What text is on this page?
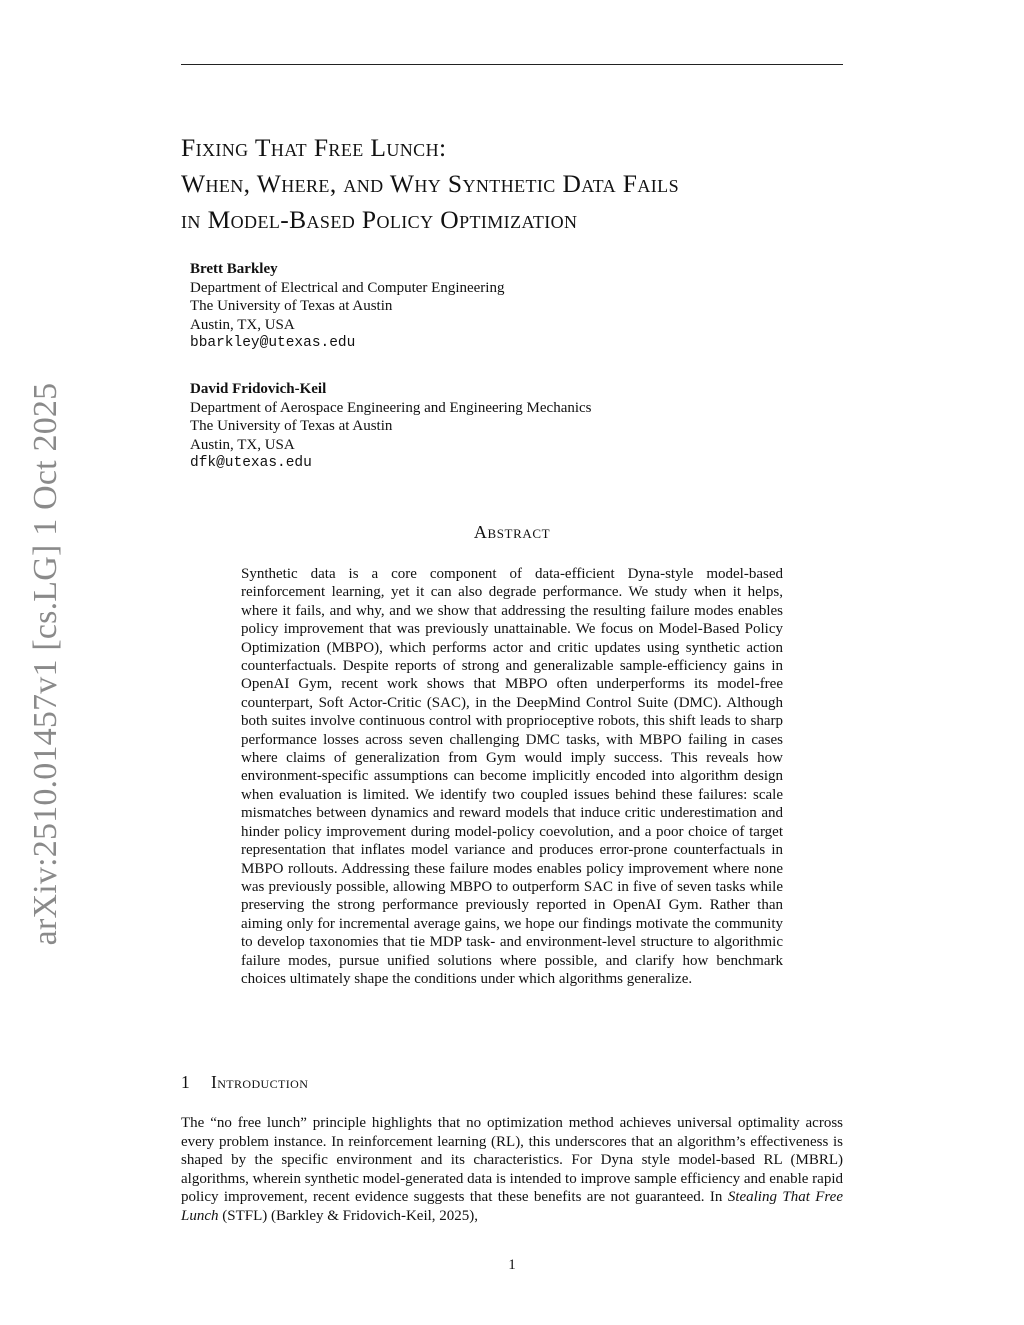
arXiv:2510.01457v1 [cs.LG] 1 Oct 2025
Fixing That Free Lunch:
When, Where, and Why Synthetic Data Fails
in Model-Based Policy Optimization
Brett Barkley
Department of Electrical and Computer Engineering
The University of Texas at Austin
Austin, TX, USA
bbarkley@utexas.edu
David Fridovich-Keil
Department of Aerospace Engineering and Engineering Mechanics
The University of Texas at Austin
Austin, TX, USA
dfk@utexas.edu
Abstract

Synthetic data is a core component of data-efficient Dyna-style model-based reinforcement learning, yet it can also degrade performance. We study when it helps, where it fails, and why, and we show that addressing the resulting failure modes enables policy improvement that was previously unattainable. We focus on Model-Based Policy Optimization (MBPO), which performs actor and critic updates using synthetic action counterfactuals. Despite reports of strong and generalizable sample-efficiency gains in OpenAI Gym, recent work shows that MBPO often underperforms its model-free counterpart, Soft Actor-Critic (SAC), in the DeepMind Control Suite (DMC). Although both suites involve continuous control with proprioceptive robots, this shift leads to sharp performance losses across seven challenging DMC tasks, with MBPO failing in cases where claims of generalization from Gym would imply success. This reveals how environment-specific assumptions can become implicitly encoded into algorithm design when evaluation is limited. We identify two coupled issues behind these failures: scale mismatches between dynamics and reward models that induce critic underestimation and hinder policy improvement during model-policy coevolution, and a poor choice of target representation that inflates model variance and produces error-prone counterfactuals in MBPO rollouts. Addressing these failure modes enables policy improvement where none was previously possible, allowing MBPO to outperform SAC in five of seven tasks while preserving the strong performance previously reported in OpenAI Gym. Rather than aiming only for incremental average gains, we hope our findings motivate the community to develop taxonomies that tie MDP task- and environment-level structure to algorithmic failure modes, pursue unified solutions where possible, and clarify how benchmark choices ultimately shape the conditions under which algorithms generalize.

1 Introduction

The “no free lunch” principle highlights that no optimization method achieves universal optimality across every problem instance. In reinforcement learning (RL), this underscores that an algorithm’s effectiveness is shaped by the specific environment and its characteristics. For Dyna style model-based RL (MBRL) algorithms, wherein synthetic model-generated data is intended to improve sample efficiency and enable rapid policy improvement, recent evidence suggests that these benefits are not guaranteed. In Stealing That Free Lunch (STFL) (Barkley & Fridovich-Keil, 2025),

1
